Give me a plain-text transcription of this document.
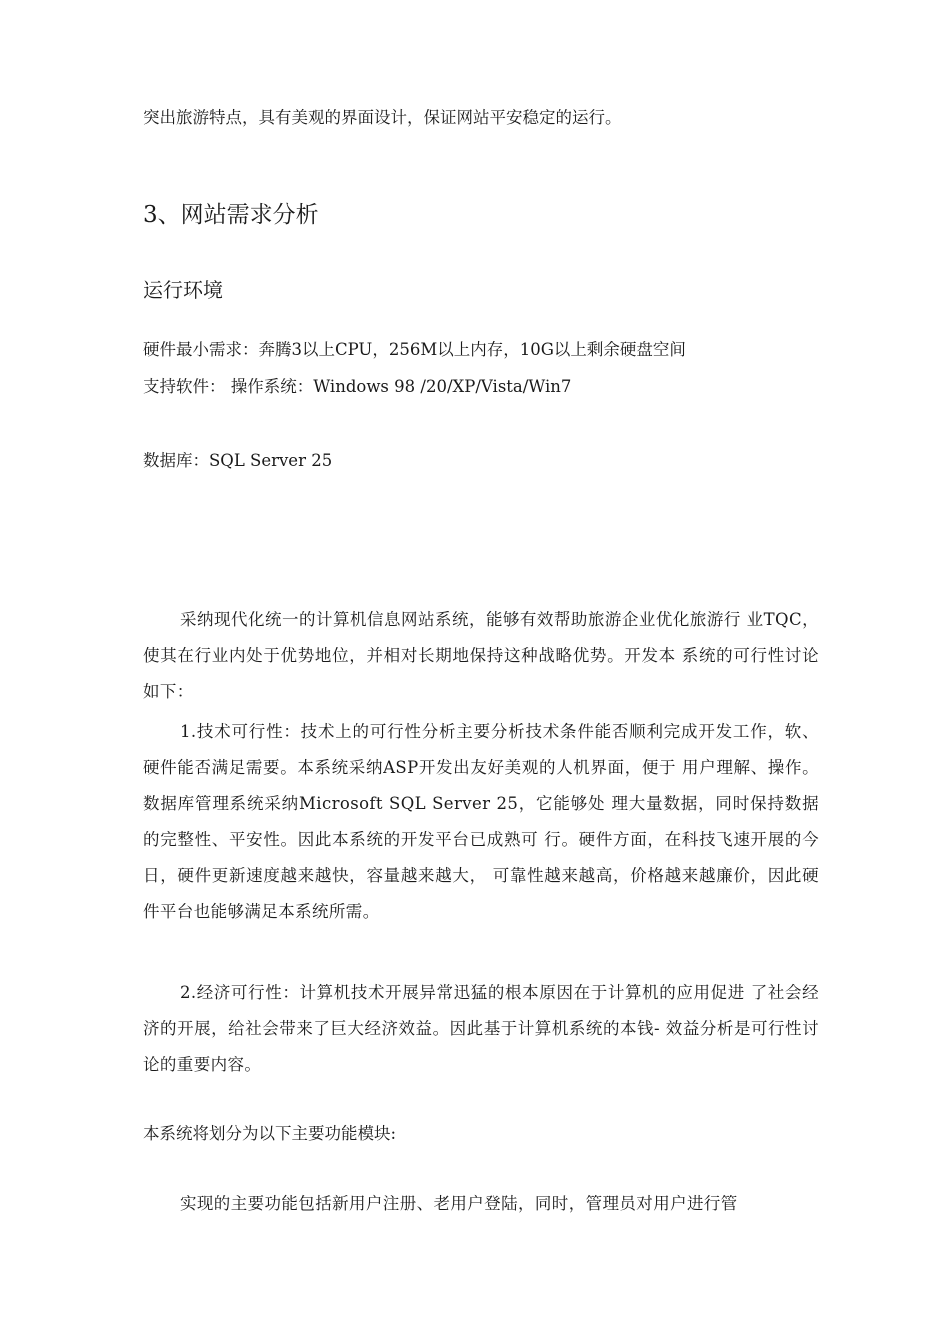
突出旅游特点，具有美观的界面设计，保证网站平安稳定的运行。
3、网站需求分析
运行环境
硬件最小需求：奔腾3以上CPU，256M以上内存，10G以上剩余硬盘空间
支持软件： 操作系统：Windows 98 /20/XP/Vista/Win7
数据库：SQL Server 25

采纳现代化统一的计算机信息网站系统，能够有效帮助旅游企业优化旅游行 业TQC，使其在行业内处于优势地位，并相对长期地保持这种战略优势。开发本 系统的可行性讨论如下：

1.技术可行性：技术上的可行性分析主要分析技术条件能否顺利完成开发工作，软、硬件能否满足需要。本系统采纳ASP开发出友好美观的人机界面，便于 用户理解、操作。数据库管理系统采纳Microsoft SQL Server 25，它能够处 理大量数据，同时保持数据的完整性、平安性。因此本系统的开发平台已成熟可 行。硬件方面，在科技飞速开展的今日，硬件更新速度越来越快，容量越来越大， 可靠性越来越高，价格越来越廉价，因此硬件平台也能够满足本系统所需。

2.经济可行性：计算机技术开展异常迅猛的根本原因在于计算机的应用促进 了社会经济的开展，给社会带来了巨大经济效益。因此基于计算机系统的本钱- 效益分析是可行性讨论的重要内容。

本系统将划分为以下主要功能模块:

实现的主要功能包括新用户注册、老用户登陆，同时，管理员对用户进行管
